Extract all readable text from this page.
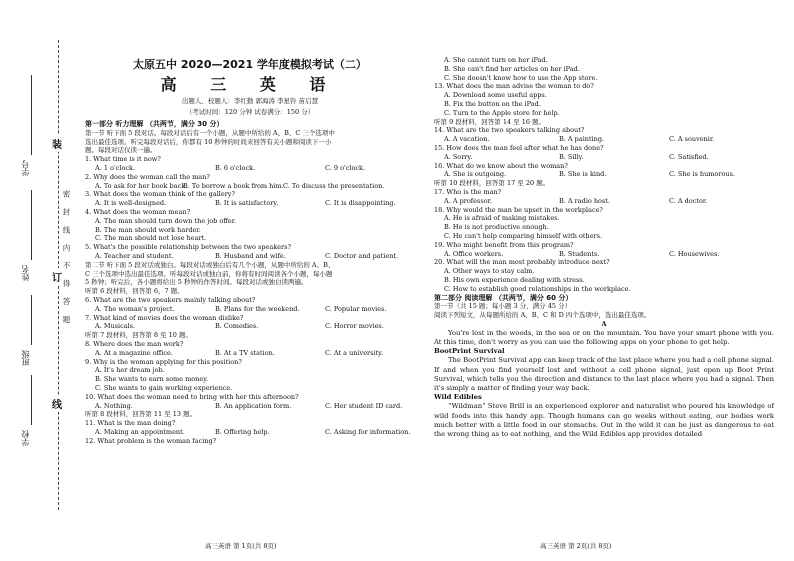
装
订
线
密 封 线 内 不 得 答 题
学号
姓名
班级
学校
太原五中 2020—2021 学年度模拟考试（二）
高 三 英 语
出题人、校题人：李红勤 郭海涛 李星铃 苗启慧
（考试时间：120 分钟 试卷满分：150 分）
第一部分 听力理解 （共两节，满分 30 分）
第一节 听下面 5 段对话。每段对话后有一个小题，从题中所给的 A、B、C 三个选项中
选出最佳选项。听完每段对话后，你都有 10 秒钟的时间来回答有关小题和阅读下一小
题。每段对话仅读一遍。
1. What time is it now?
A. 1 o'clock.	B. 6 o'clock.	C. 9 o'clock.
2. Why does the woman call the man?
A. To ask for her book back.
B. To borrow a book from him. C. To discuss the presentation.
3. What does the woman think of the gallery?
A. It is well-designed.	B. It is satisfactory.	C. It is disappointing.
4. What does the woman mean?
A. The man should turn down the job offer.
B. The man should work harder.
C. The man should not lose heart.
5. What's the possible relationship between the two speakers?
A. Teacher and student.	B. Husband and wife.	C. Doctor and patient.
第二节 听下面 5 段对话或独白。每段对话或独白后有几个小题，从题中所给的 A、B、
C 三个选项中选出最佳选项。听每段对话或独白前，你将有时间阅读各个小题，每小题
5 秒钟；听完后，各小题将给出 5 秒钟的作答时间。每段对话或独白读两遍。
听第 6 段材料，回答第 6、7 题。
6. What are the two speakers mainly talking about?
A. The woman's project.	B. Plans for the weekend.	C. Popular movies.
7. What kind of movies does the woman dislike?
A. Musicals.	B. Comedies.	C. Horror movies.
听第 7 段材料，回答第 8 至 10 题。
8. Where does the man work?
A. At a magazine office.	B. At a TV station.	C. At a university.
9. Why is the woman applying for this position?
A. It's her dream job.
B. She wants to earn some money.
C. She wants to gain working experience.
10. What does the woman need to bring with her this afternoon?
A. Nothing.	B. An application form.	C. Her student ID card.
听第 8 段材料，回答第 11 至 13 题。
11. What is the man doing?
A. Making an appointment.	B. Offering help.	C. Asking for information.
12. What problem is the woman facing?
A. She cannot turn on her iPad.
B. She can't find her articles on her iPad.
C. She doesn't know how to use the App store.
13. What does the man advise the woman to do?
A. Download some useful apps.
B. Fix the button on the iPad.
C. Turn to the Apple store for help.
听第 9 段材料，回答第 14 至 16 题。
14. What are the two speakers talking about?
A. A vacation.	B. A painting.	C. A souvenir.
15. How does the man feel after what he has done?
A. Sorry.	B. Silly.	C. Satisfied.
16. What do we know about the woman?
A. She is outgoing.	B. She is kind.	C. She is humorous.
听第 10 段材料，回答第 17 至 20 题。
17. Who is the man?
A. A professor.	B. A radio host.	C. A doctor.
18. Why would the man be upset in the workplace?
A. He is afraid of making mistakes.
B. He is not productive enough.
C. He can't help comparing himself with others.
19. Who might benefit from this program?
A. Office workers.	B. Students.	C. Housewives.
20. What will the man most probably introduce next?
A. Other ways to stay calm.
B. His own experience dealing with stress.
C. How to establish good relationships in the workplace.
第二部分 阅读理解 （共两节，满分 60 分）
第一节（共 15 题；每小题 3 分，满分 45 分）
阅读下列短文，从每题所给的 A、B、C 和 D 四个选项中，选出最佳选项。
A

You're lost in the woods, in the sea or on the mountain. You have your smart phone with you. At this time, don't worry as you can use the following apps on your phone to get help.

BootPrint Survival

The BootPrint Survival app can keep track of the last place where you had a cell phone signal. If and when you find yourself lost and without a cell phone signal, just open up Boot Print Survival, which tells you the direction and distance to the last place where you had a signal. Then it's simply a matter of finding your way back.

Wild Edibles

“Wildman” Steve Brill is an experienced explorer and naturalist who poured his knowledge of wild foods into this handy app. Though humans can go weeks without eating, our bodies work much better with a little food in our stomachs. Out in the wild it can be just as dangerous to eat the wrong thing as to eat nothing, and the Wild Edibles app provides detailed

高三英语 第 1页(共 8页)	高三英语 第 2页(共 8页)
